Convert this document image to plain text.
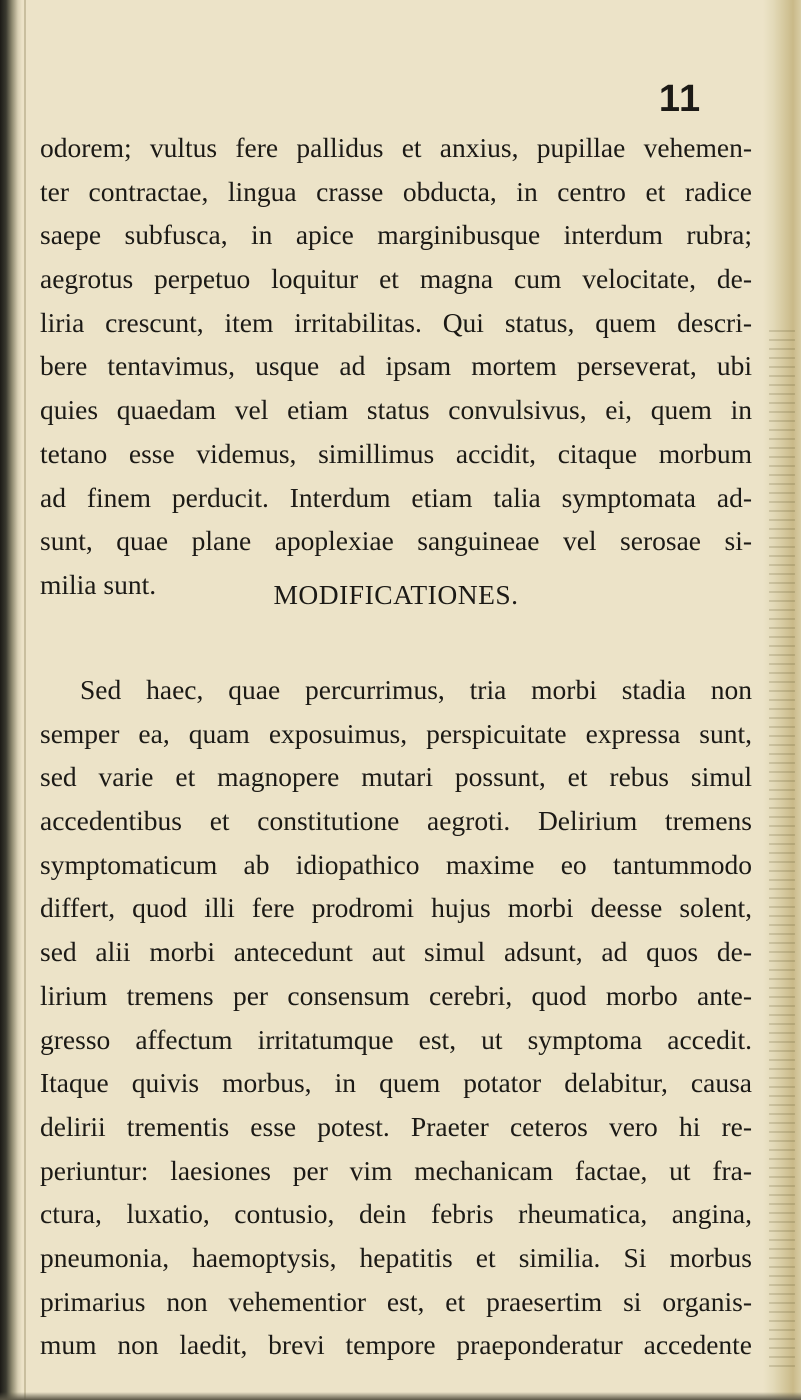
11
odorem; vultus fere pallidus et anxius, pupillae vehemen-
ter contractae, lingua crasse obducta, in centro et radice
saepe subfusca, in apice marginibusque interdum rubra;
aegrotus perpetuo loquitur et magna cum velocitate, de-
liria crescunt, item irritabilitas. Qui status, quem descri-
bere tentavimus, usque ad ipsam mortem perseverat, ubi
quies quaedam vel etiam status convulsivus, ei, quem in
tetano esse videmus, simillimus accidit, citaque morbum
ad finem perducit. Interdum etiam talia symptomata ad-
sunt, quae plane apoplexiae sanguineae vel serosae si-
milia sunt.	MODIFICATIONES.
Sed haec, quae percurrimus, tria morbi stadia non
semper ea, quam exposuimus, perspicuitate expressa sunt,
sed varie et magnopere mutari possunt, et rebus simul
accedentibus et constitutione aegroti. Delirium tremens
symptomaticum ab idiopathico maxime eo tantummodo
differt, quod illi fere prodromi hujus morbi deesse solent,
sed alii morbi antecedunt aut simul adsunt, ad quos de-
lirium tremens per consensum cerebri, quod morbo ante-
gresso affectum irritatumque est, ut symptoma accedit.
Itaque quivis morbus, in quem potator delabitur, causa
delirii trementis esse potest. Praeter ceteros vero hi re-
periuntur: laesiones per vim mechanicam factae, ut fra-
ctura, luxatio, contusio, dein febris rheumatica, angina,
pneumonia, haemoptysis, hepatitis et similia. Si morbus
primarius non vehementior est, et praesertim si organis-
mum non laedit, brevi tempore praeponderatur accedente
